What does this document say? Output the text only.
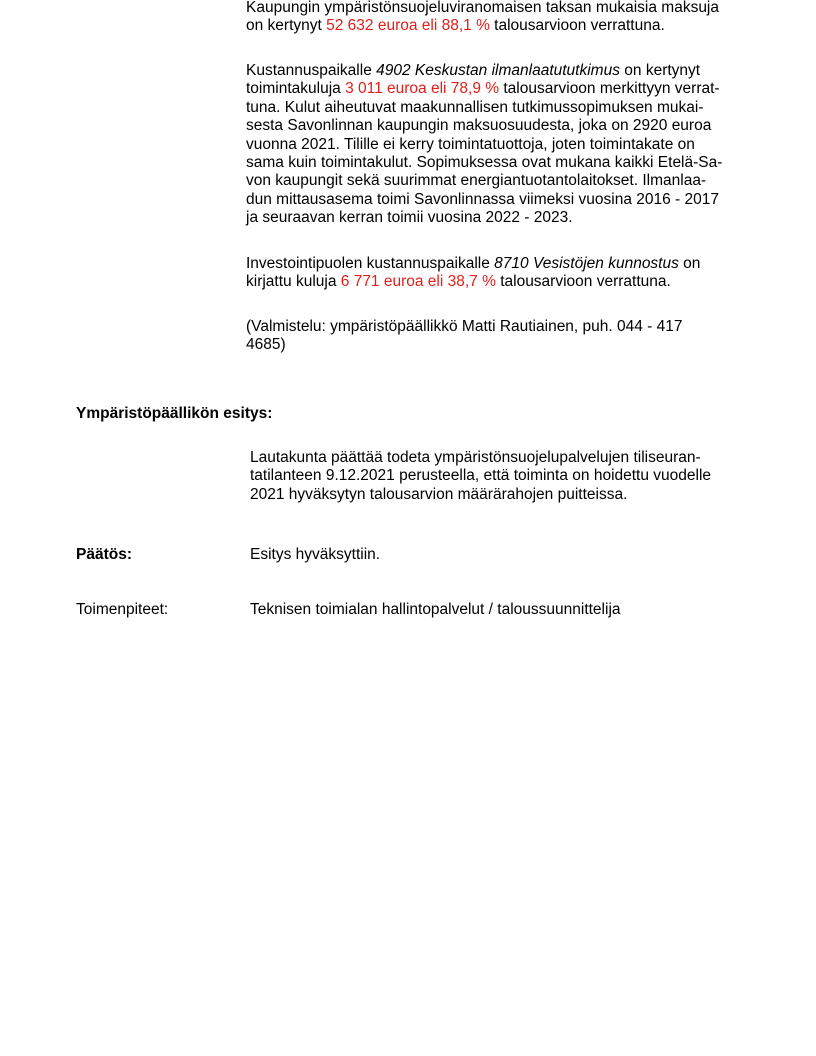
Kaupungin ympäristönsuojeluviranomaisen taksan mukaisia maksuja
on kertynyt 52 632 euroa eli 88,1 % talousarvioon verrattuna.
Kustannuspaikalle 4902 Keskustan ilmanlaatututkimus on kertynyt
toimintakuluja 3 011 euroa eli 78,9 % talousarvioon merkittyyn verrat-
tuna. Kulut aiheutuvat maakunnallisen tutkimussopimuksen mukai-
sesta Savonlinnan kaupungin maksuosuudesta, joka on 2920 euroa
vuonna 2021. Tilille ei kerry toimintatuottoja, joten toimintakate on
sama kuin toimintakulut. Sopimuksessa ovat mukana kaikki Etelä-Sa-
von kaupungit sekä suurimmat energiantuotantolaitokset. Ilmanlaa-
dun mittausasema toimi Savonlinnassa viimeksi vuosina 2016 - 2017
ja seuraavan kerran toimii vuosina 2022 - 2023.
Investointipuolen kustannuspaikalle 8710 Vesistöjen kunnostus on
kirjattu kuluja 6 771 euroa eli 38,7 % talousarvioon verrattuna.
(Valmistelu: ympäristöpäällikkö Matti Rautiainen, puh. 044 - 417
4685)

Ympäristöpäällikön esitys:

Lautakunta päättää todeta ympäristönsuojelupalvelujen tiliseuran-
tatilanteen 9.12.2021 perusteella, että toiminta on hoidettu vuodelle
2021 hyväksytyn talousarvion määrärahojen puitteissa.

Päätös:	Esitys hyväksyttiin.

Toimenpiteet:	Teknisen toimialan hallintopalvelut / taloussuunnittelija
